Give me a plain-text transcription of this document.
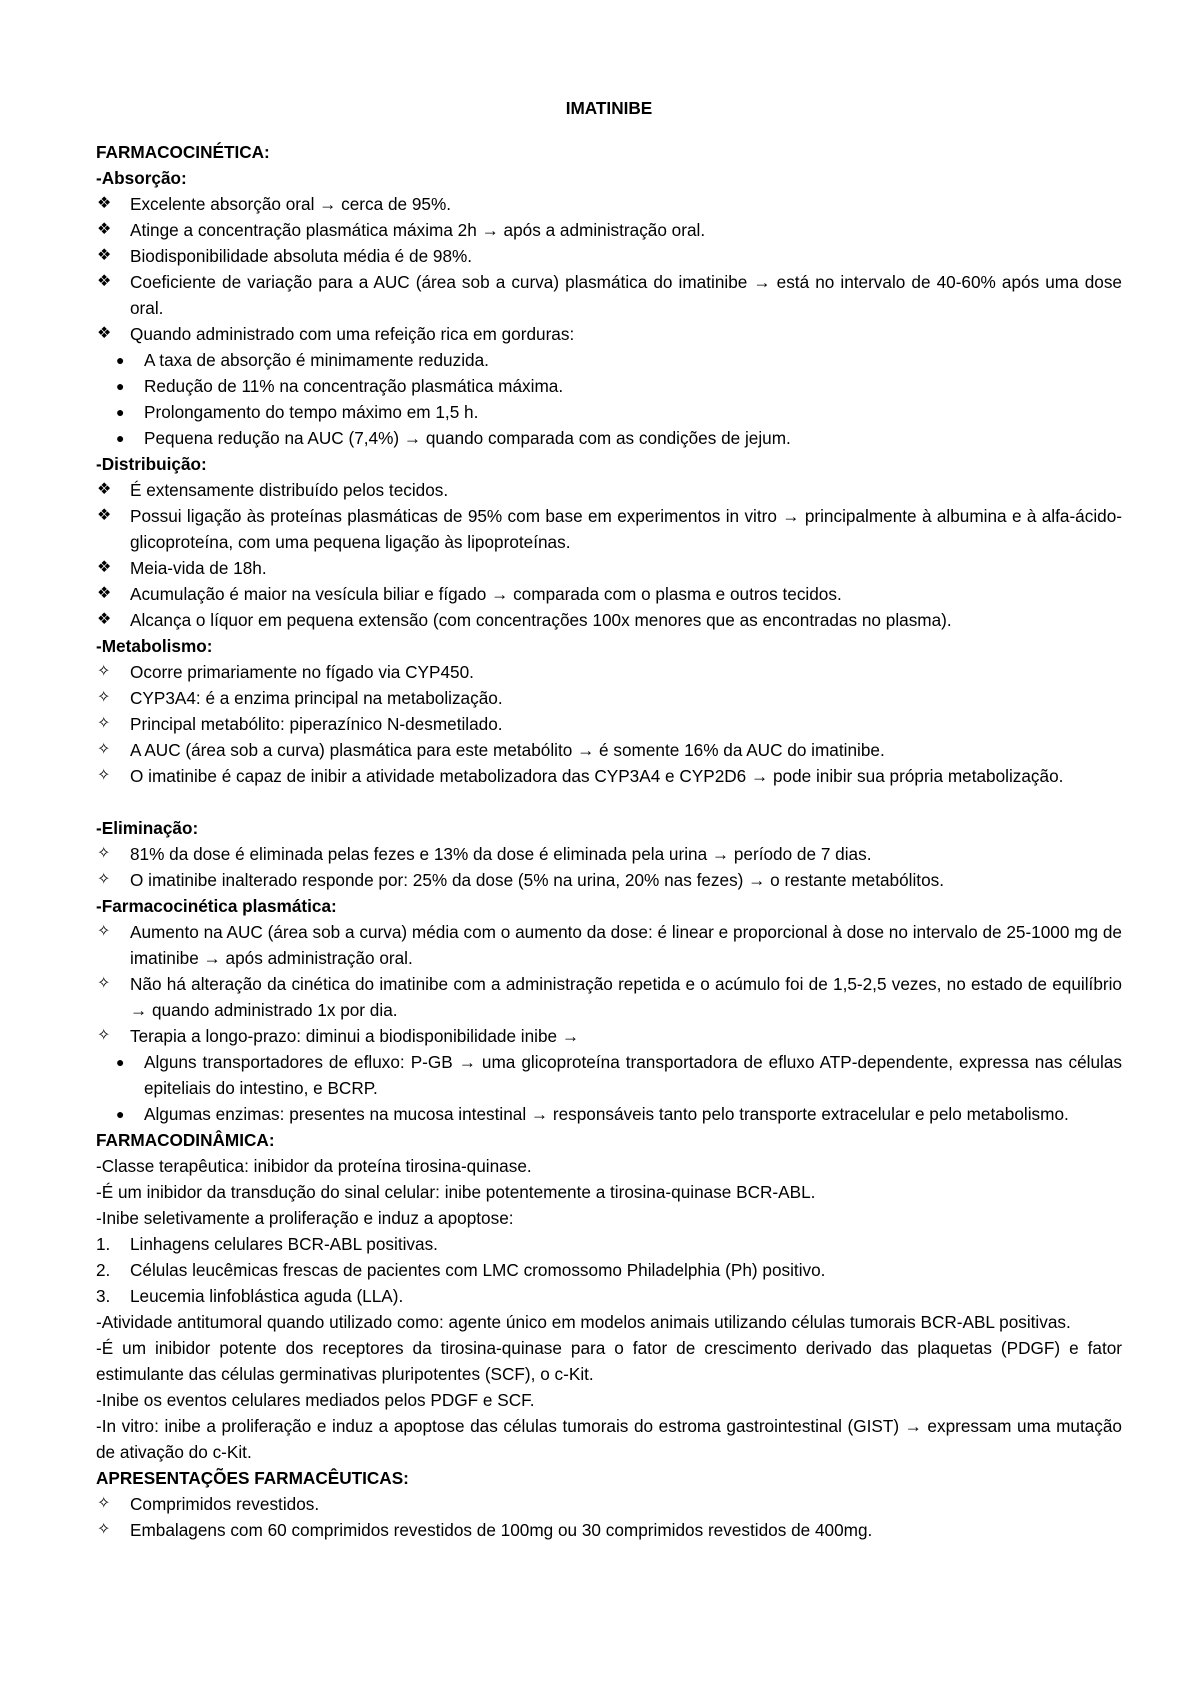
IMATINIBE

FARMACOCINÉTICA:

-Absorção:

❖	Excelente absorção oral → cerca de 95%.
❖	Atinge a concentração plasmática máxima 2h → após a administração oral.
❖	Biodisponibilidade absoluta média é de 98%.
❖	Coeficiente de variação para a AUC (área sob a curva) plasmática do imatinibe → está no intervalo de 40-60% após uma dose oral.
❖	Quando administrado com uma refeição rica em gorduras:
● A taxa de absorção é minimamente reduzida.
● Redução de 11% na concentração plasmática máxima.
● Prolongamento do tempo máximo em 1,5 h.
● Pequena redução na AUC (7,4%) → quando comparada com as condições de jejum.

-Distribuição:

❖	É extensamente distribuído pelos tecidos.
❖	Possui ligação às proteínas plasmáticas de 95% com base em experimentos in vitro → principalmente à albumina e à alfa-ácido-glicoproteína, com uma pequena ligação às lipoproteínas.
❖	Meia-vida de 18h.
❖	Acumulação é maior na vesícula biliar e fígado → comparada com o plasma e outros tecidos.
❖	Alcança o líquor em pequena extensão (com concentrações 100x menores que as encontradas no plasma).

-Metabolismo:

✧	Ocorre primariamente no fígado via CYP450.
✧	CYP3A4: é a enzima principal na metabolização.
✧	Principal metabólito: piperazínico N-desmetilado.
✧	A AUC (área sob a curva) plasmática para este metabólito → é somente 16% da AUC do imatinibe.
✧	O imatinibe é capaz de inibir a atividade metabolizadora das CYP3A4 e CYP2D6 → pode inibir sua própria metabolização.

-Eliminação:

✧	81% da dose é eliminada pelas fezes e 13% da dose é eliminada pela urina → período de 7 dias.
✧	O imatinibe inalterado responde por: 25% da dose (5% na urina, 20% nas fezes) → o restante metabólitos.

-Farmacocinética plasmática:

✧	Aumento na AUC (área sob a curva) média com o aumento da dose: é linear e proporcional à dose no intervalo de 25-1000 mg de imatinibe → após administração oral.
✧	Não há alteração da cinética do imatinibe com a administração repetida e o acúmulo foi de 1,5-2,5 vezes, no estado de equilíbrio → quando administrado 1x por dia.
✧	Terapia a longo-prazo: diminui a biodisponibilidade inibe →
● Alguns transportadores de efluxo: P-GB → uma glicoproteína transportadora de efluxo ATP-dependente, expressa nas células epiteliais do intestino, e BCRP.
● Algumas enzimas: presentes na mucosa intestinal → responsáveis tanto pelo transporte extracelular e pelo metabolismo.

FARMACODINÂMICA:

-Classe terapêutica: inibidor da proteína tirosina-quinase.

-É um inibidor da transdução do sinal celular: inibe potentemente a tirosina-quinase BCR-ABL.

-Inibe seletivamente a proliferação e induz a apoptose:

1. Linhagens celulares BCR-ABL positivas.
2. Células leucêmicas frescas de pacientes com LMC cromossomo Philadelphia (Ph) positivo.
3. Leucemia linfoblástica aguda (LLA).

-Atividade antitumoral quando utilizado como: agente único em modelos animais utilizando células tumorais BCR-ABL positivas.

-É um inibidor potente dos receptores da tirosina-quinase para o fator de crescimento derivado das plaquetas (PDGF) e fator estimulante das células germinativas pluripotentes (SCF), o c-Kit.

-Inibe os eventos celulares mediados pelos PDGF e SCF.

-In vitro: inibe a proliferação e induz a apoptose das células tumorais do estroma gastrointestinal (GIST) → expressam uma mutação de ativação do c-Kit.

APRESENTAÇÕES FARMACÊUTICAS:

✧	Comprimidos revestidos.
✧	Embalagens com 60 comprimidos revestidos de 100mg ou 30 comprimidos revestidos de 400mg.
